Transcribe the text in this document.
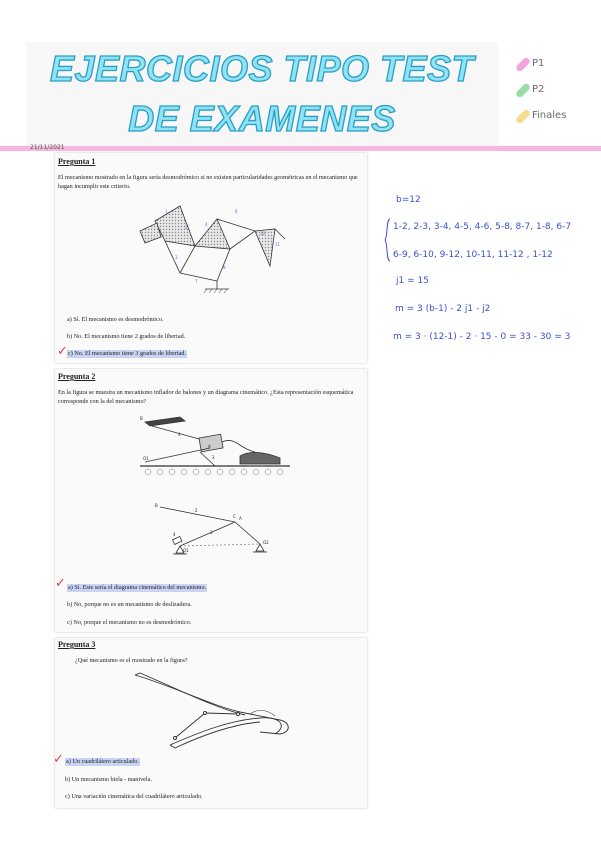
EJERCICIOS TIPO TEST
DE EXAMENES
P1
P2
Finales
21/11/2021
Pregunta 1
El mecanismo mostrado en la figura sería desmodrómico si no existen particularidades geométricas en el mecanismo que hagan incumplir este criterio.
1
2
3
4
6
10
11
8
7
a) Sí. El mecanismo es desmodrómico.
b) No. El mecanismo tiene 2 grados de libertad.
c) No. El mecanismo tiene 3 grados de libertad.
✓
Pregunta 2
En la figura se muestra un mecanismo inflador de balones y un diagrama cinemático. ¿Esta representación esquemática corresponde con la del mecanismo?
B
4
3
O1
A
B
2
C A
3
4
O1
O2
a) Sí. Este sería el diagrama cinemático del mecanismo.
b) No, porque no es un mecanismo de deslizadera.
c) No, porque el mecanismo no es desmodrómico.
✓
Pregunta 3
¿Qué mecanismo es el mostrado en la figura?
a) Un cuadrilátero articulado.
b) Un mecanismo biela - manivela.
c) Una variación cinemática del cuadrilátero articulado.
✓
b=12
1-2, 2-3, 3-4, 4-5, 4-6, 5-8, 8-7, 1-8, 6-7
6-9, 6-10, 9-12, 10-11, 11-12 , 1-12
j1 = 15
m = 3 (b-1) - 2 j1 - j2
m = 3 · (12-1) - 2 · 15 - 0 = 33 - 30 = 3
